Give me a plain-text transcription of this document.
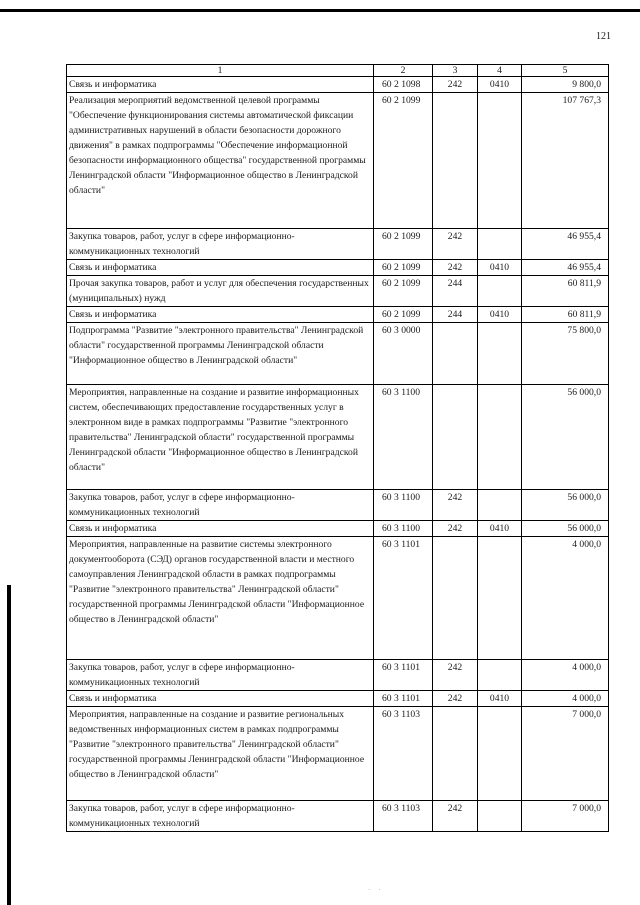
121
1	2	3	4	5
Связь и информатика	60 2 1098	242	0410	9 800,0
Реализация мероприятий ведомственной целевой программы "Обеспечение функционирования системы автоматической фиксации административных нарушений в области безопасности дорожного движения" в рамках подпрограммы "Обеспечение информационной безопасности информационного общества" государственной программы Ленинградской области "Информационное общество в Ленинградской области"	60 2 1099			107 767,3
Закупка товаров, работ, услуг в сфере информационно-коммуникационных технологий	60 2 1099	242		46 955,4
Связь и информатика	60 2 1099	242	0410	46 955,4
Прочая закупка товаров, работ и услуг для обеспечения государственных (муниципальных) нужд	60 2 1099	244		60 811,9
Связь и информатика	60 2 1099	244	0410	60 811,9
Подпрограмма "Развитие "электронного правительства" Ленинградской области" государственной программы Ленинградской области "Информационное общество в Ленинградской области"	60 3 0000			75 800,0
Мероприятия, направленные на создание и развитие информационных систем, обеспечивающих предоставление государственных услуг в электронном виде в рамках подпрограммы "Развитие "электронного правительства" Ленинградской области" государственной программы Ленинградской области "Информационное общество в Ленинградской области"	60 3 1100			56 000,0
Закупка товаров, работ, услуг в сфере информационно-коммуникационных технологий	60 3 1100	242		56 000,0
Связь и информатика	60 3 1100	242	0410	56 000,0
Мероприятия, направленные на развитие системы электронного документооборота (СЭД) органов государственной власти и местного самоуправления Ленинградской области в рамках подпрограммы "Развитие "электронного правительства" Ленинградской области" государственной программы Ленинградской области "Информационное общество в Ленинградской области"	60 3 1101			4 000,0
Закупка товаров, работ, услуг в сфере информационно-коммуникационных технологий	60 3 1101	242		4 000,0
Связь и информатика	60 3 1101	242	0410	4 000,0
Мероприятия, направленные на создание и развитие региональных ведомственных информационных систем в рамках подпрограммы "Развитие "электронного правительства" Ленинградской области" государственной программы Ленинградской области "Информационное общество в Ленинградской области"	60 3 1103			7 000,0
Закупка товаров, работ, услуг в сфере информационно-коммуникационных технологий	60 3 1103	242		7 000,0
· ·
